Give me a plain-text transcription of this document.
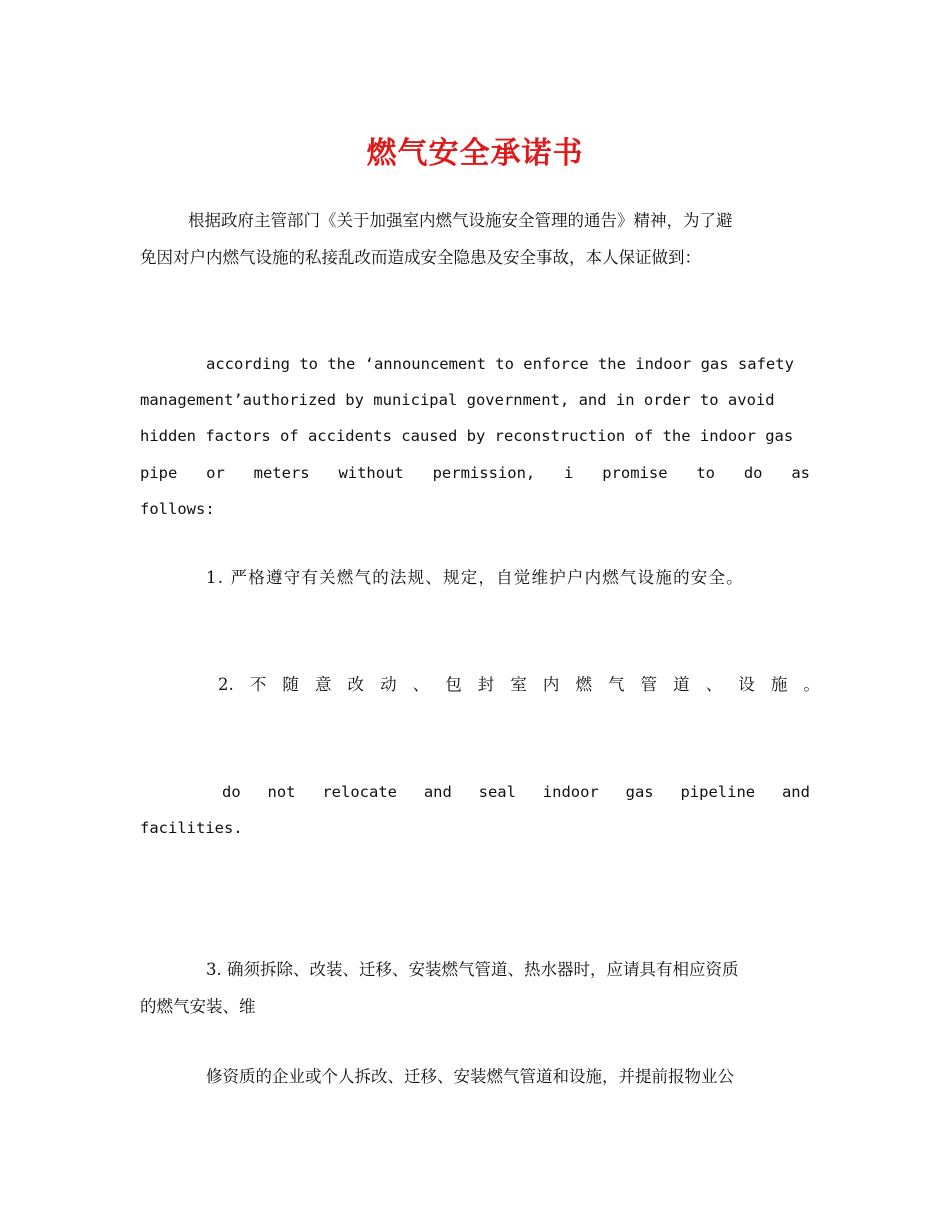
燃气安全承诺书
根据政府主管部门《关于加强室内燃气设施安全管理的通告》精神，为了避
免因对户内燃气设施的私接乱改而造成安全隐患及安全事故，本人保证做到：
according to the ‘announcement to enforce the indoor gas safety
management’authorized by municipal government, and in order to avoid
hidden factors of accidents caused by reconstruction of the indoor gas
pipe or meters without permission, i promise to do as
follows:
1. 严格遵守有关燃气的法规、规定，自觉维护户内燃气设施的安全。
2. 不 随 意 改 动 、 包 封 室 内 燃 气 管 道 、 设 施 。
do not relocate and seal indoor gas pipeline and
facilities.
3. 确须拆除、改装、迁移、安装燃气管道、热水器时，应请具有相应资质
的燃气安装、维
修资质的企业或个人拆改、迁移、安装燃气管道和设施，并提前报物业公
